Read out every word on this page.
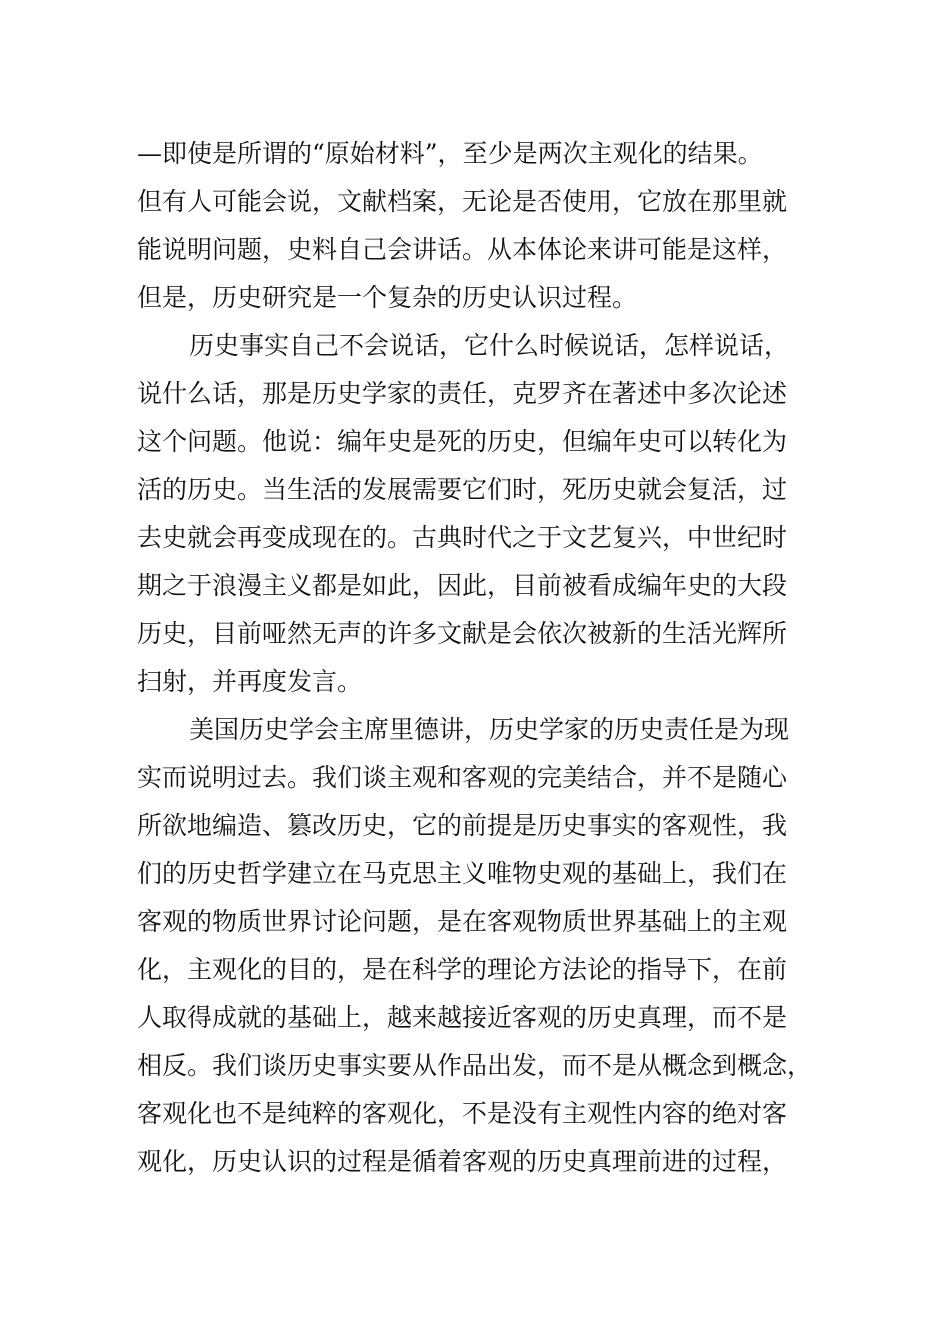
—即使是所谓的“原始材料”，至少是两次主观化的结果。
但有人可能会说，文献档案，无论是否使用，它放在那里就
能说明问题，史料自己会讲话。从本体论来讲可能是这样，
但是，历史研究是一个复杂的历史认识过程。
历史事实自己不会说话，它什么时候说话，怎样说话，
说什么话，那是历史学家的责任，克罗齐在著述中多次论述
这个问题。他说：编年史是死的历史，但编年史可以转化为
活的历史。当生活的发展需要它们时，死历史就会复活，过
去史就会再变成现在的。古典时代之于文艺复兴，中世纪时
期之于浪漫主义都是如此，因此，目前被看成编年史的大段
历史，目前哑然无声的许多文献是会依次被新的生活光辉所
扫射，并再度发言。
美国历史学会主席里德讲，历史学家的历史责任是为现
实而说明过去。我们谈主观和客观的完美结合，并不是随心
所欲地编造、篡改历史，它的前提是历史事实的客观性，我
们的历史哲学建立在马克思主义唯物史观的基础上，我们在
客观的物质世界讨论问题，是在客观物质世界基础上的主观
化，主观化的目的，是在科学的理论方法论的指导下，在前
人取得成就的基础上，越来越接近客观的历史真理，而不是
相反。我们谈历史事实要从作品出发，而不是从概念到概念，
客观化也不是纯粹的客观化，不是没有主观性内容的绝对客
观化，历史认识的过程是循着客观的历史真理前进的过程，
